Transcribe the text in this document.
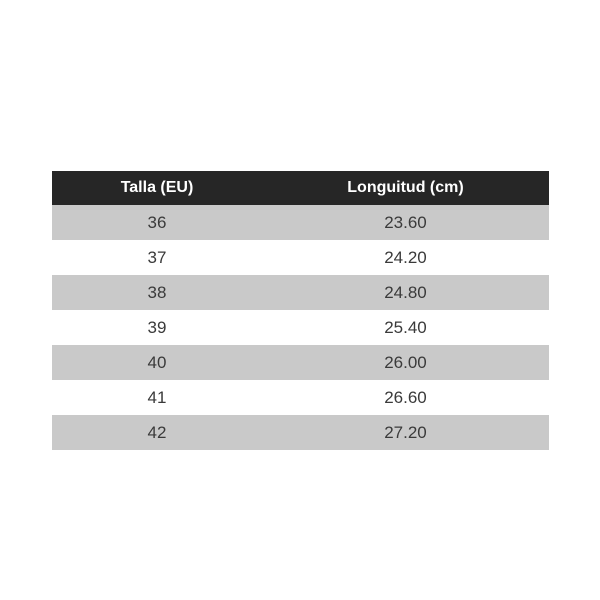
Talla (EU)	Longuitud (cm)
36	23.60
37	24.20
38	24.80
39	25.40
40	26.00
41	26.60
42	27.20
